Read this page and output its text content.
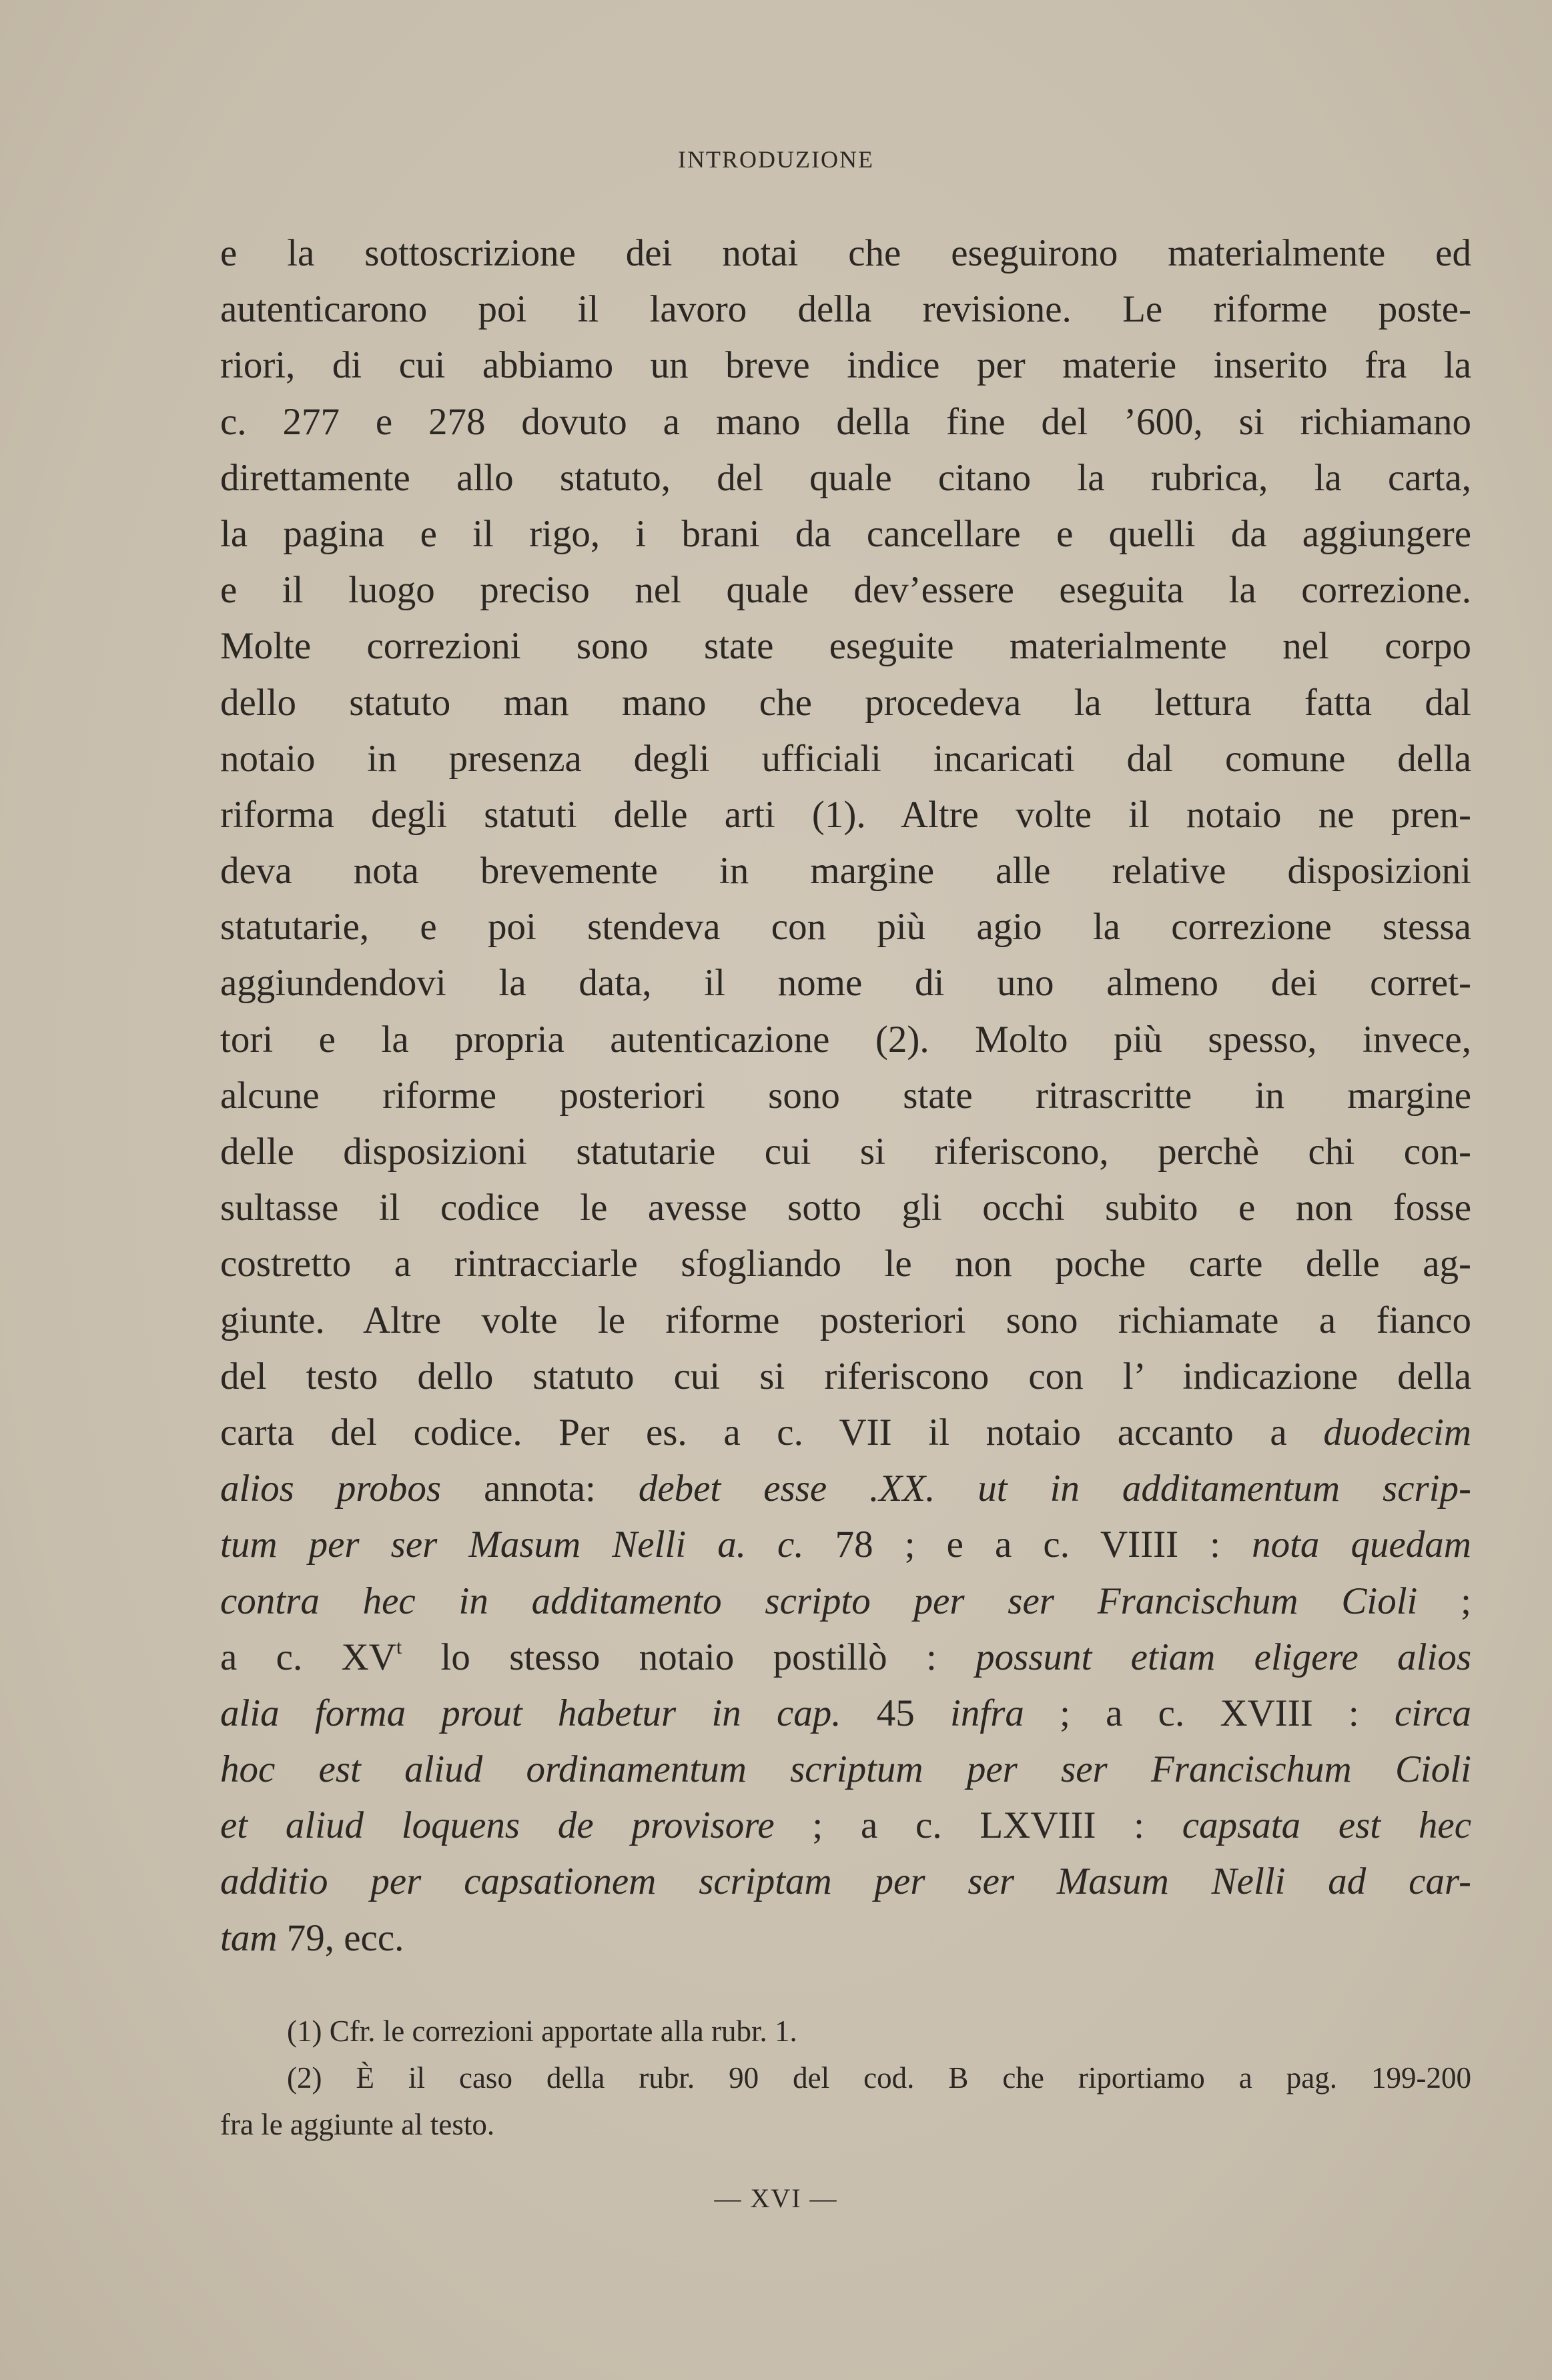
INTRODUZIONE
e la sottoscrizione dei notai che eseguirono materialmente ed
autenticarono poi il lavoro della revisione. Le riforme poste-
riori, di cui abbiamo un breve indice per materie inserito fra la
c. 277 e 278 dovuto a mano della fine del ’600, si richiamano
direttamente allo statuto, del quale citano la rubrica, la carta,
la pagina e il rigo, i brani da cancellare e quelli da aggiungere
e il luogo preciso nel quale dev’essere eseguita la correzione.
Molte correzioni sono state eseguite materialmente nel corpo
dello statuto man mano che procedeva la lettura fatta dal
notaio in presenza degli ufficiali incaricati dal comune della
riforma degli statuti delle arti (1). Altre volte il notaio ne pren-
deva nota brevemente in margine alle relative disposizioni
statutarie, e poi stendeva con più agio la correzione stessa
aggiundendovi la data, il nome di uno almeno dei corret-
tori e la propria autenticazione (2). Molto più spesso, invece,
alcune riforme posteriori sono state ritrascritte in margine
delle disposizioni statutarie cui si riferiscono, perchè chi con-
sultasse il codice le avesse sotto gli occhi subito e non fosse
costretto a rintracciarle sfogliando le non poche carte delle ag-
giunte. Altre volte le riforme posteriori sono richiamate a fianco
del testo dello statuto cui si riferiscono con l’ indicazione della
carta del codice. Per es. a c. VII il notaio accanto a duodecim
alios probos annota: debet esse .XX. ut in additamentum scrip-
tum per ser Masum Nelli a. c. 78 ; e a c. VIIII : nota quedam
contra hec in additamento scripto per ser Francischum Cioli ;
a c. $XV^t$ lo stesso notaio postillò : possunt etiam eligere alios
alia forma prout habetur in cap. 45 infra ; a c. XVIII : circa
hoc est aliud ordinamentum scriptum per ser Francischum Cioli
et aliud loquens de provisore ; a c. LXVIII : capsata est hec
additio per capsationem scriptam per ser Masum Nelli ad car-
tam 79, ecc.
(1) Cfr. le correzioni apportate alla rubr. 1.
(2) È il caso della rubr. 90 del cod. B che riportiamo a pag. 199-200
fra le aggiunte al testo.
— XVI —
